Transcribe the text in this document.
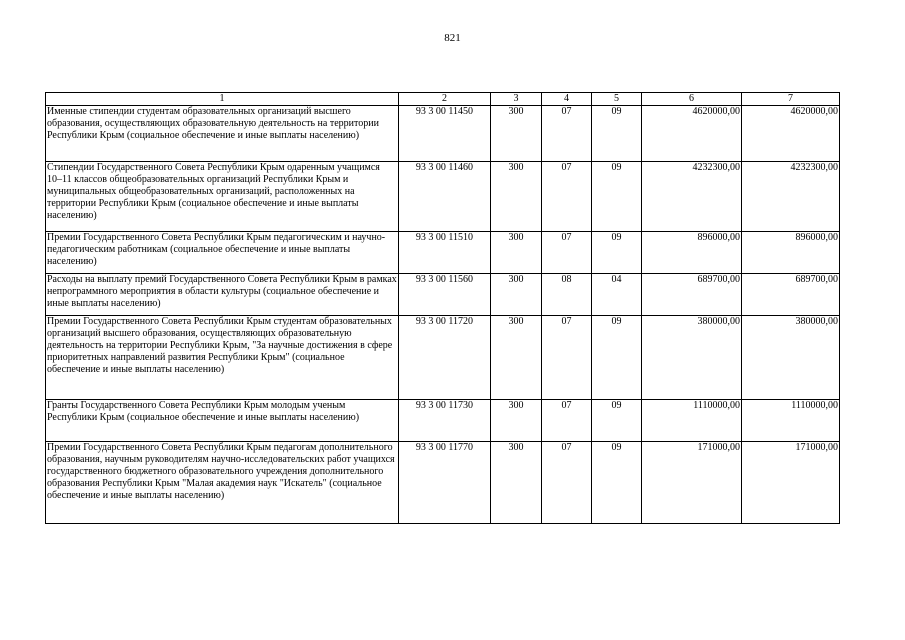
821
1	2	3	4	5	6	7
Именные стипендии студентам образовательных организаций высшего образования, осуществляющих образовательную деятельность на территории Республики Крым (социальное обеспечение и иные выплаты населению)	93 3 00 11450	300	07	09	4620000,00	4620000,00
Стипендии Государственного Совета Республики Крым одаренным учащимся 10–11 классов общеобразовательных организаций Республики Крым и муниципальных общеобразовательных организаций, расположенных на территории Республики Крым (социальное обеспечение и иные выплаты населению)	93 3 00 11460	300	07	09	4232300,00	4232300,00
Премии Государственного Совета Республики Крым педагогическим и научно-педагогическим работникам (социальное обеспечение и иные выплаты населению)	93 3 00 11510	300	07	09	896000,00	896000,00
Расходы на выплату премий Государственного Совета Республики Крым в рамках непрограммного мероприятия в области культуры (социальное обеспечение и иные выплаты населению)	93 3 00 11560	300	08	04	689700,00	689700,00
Премии Государственного Совета Республики Крым студентам образовательных организаций высшего образования, осуществляющих образовательную деятельность на территории Республики Крым, "За научные достижения в сфере приоритетных направлений развития Республики Крым" (социальное обеспечение и иные выплаты населению)	93 3 00 11720	300	07	09	380000,00	380000,00
Гранты Государственного Совета Республики Крым молодым ученым Республики Крым (социальное обеспечение и иные выплаты населению)	93 3 00 11730	300	07	09	1110000,00	1110000,00
Премии Государственного Совета Республики Крым педагогам дополнительного образования, научным руководителям научно-исследовательских работ учащихся государственного бюджетного образовательного учреждения дополнительного образования Республики Крым "Малая академия наук "Искатель" (социальное обеспечение и иные выплаты населению)	93 3 00 11770	300	07	09	171000,00	171000,00
